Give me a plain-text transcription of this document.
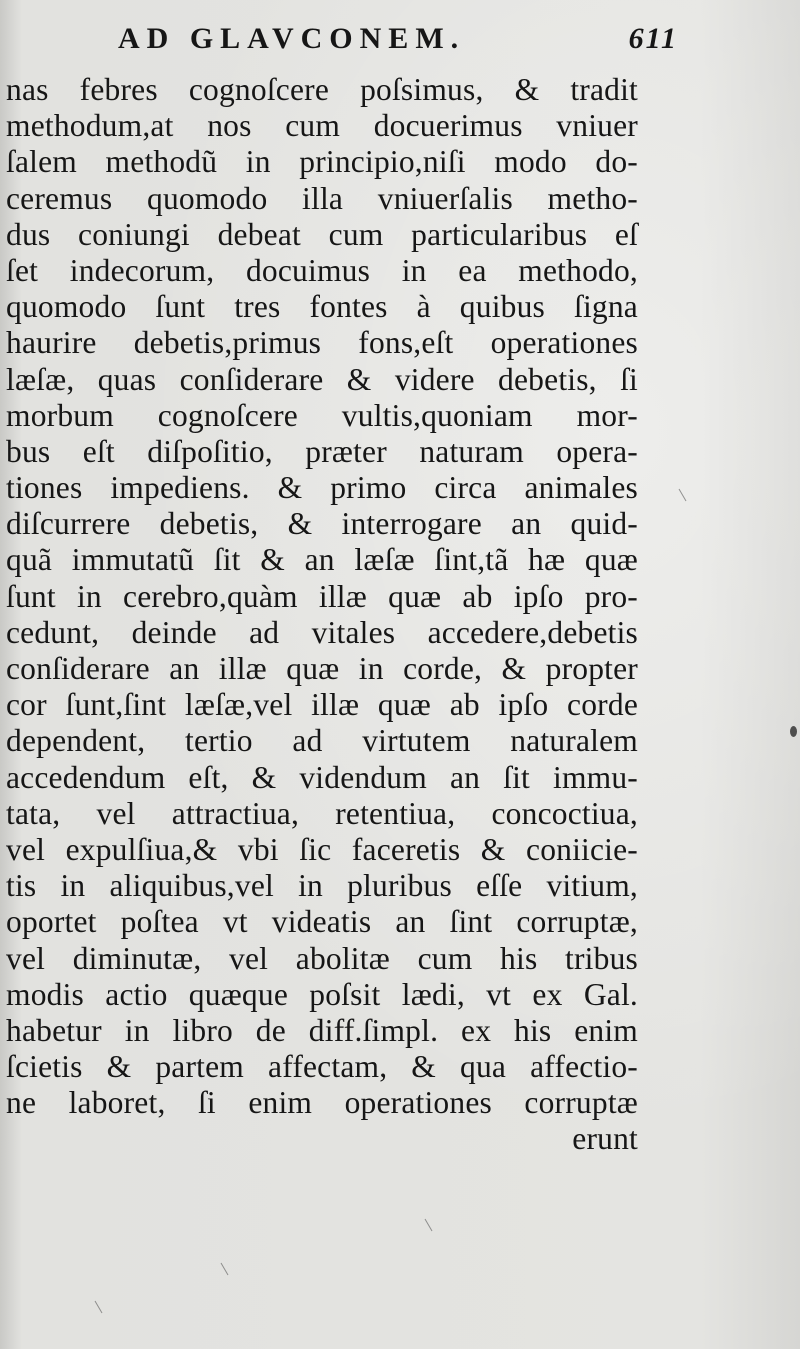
AD GLAVCONEM.	611
nas febres cognoſcere poſsimus, & tradit
methodum,at nos cum docuerimus vniuer
ſalem methodũ in principio,niſi modo do-
ceremus quomodo illa vniuerſalis metho-
dus coniungi debeat cum particularibus eſ
ſet indecorum, docuimus in ea methodo,
quomodo ſunt tres fontes à quibus ſigna
haurire debetis,primus fons,eſt operationes
læſæ, quas conſiderare & videre debetis, ſi
morbum cognoſcere vultis,quoniam mor-
bus eſt diſpoſitio, præter naturam opera-
tiones impediens. & primo circa animales
diſcurrere debetis, & interrogare an quid-
quã immutatũ ſit & an læſæ ſint,tã hæ quæ
ſunt in cerebro,quàm illæ quæ ab ipſo pro-
cedunt, deinde ad vitales accedere,debetis
conſiderare an illæ quæ in corde, & propter
cor ſunt,ſint læſæ,vel illæ quæ ab ipſo corde
dependent, tertio ad virtutem naturalem
accedendum eſt, & videndum an ſit immu-
tata, vel attractiua, retentiua, concoctiua,
vel expulſiua,& vbi ſic faceretis & coniicie-
tis in aliquibus,vel in pluribus eſſe vitium,
oportet poſtea vt videatis an ſint corruptæ,
vel diminutæ, vel abolitæ cum his tribus
modis actio quæque poſsit lædi, vt ex Gal.
habetur in libro de diff.ſimpl. ex his enim
ſcietis & partem affectam, & qua affectio-
ne laboret, ſi enim operationes corruptæ
erunt
